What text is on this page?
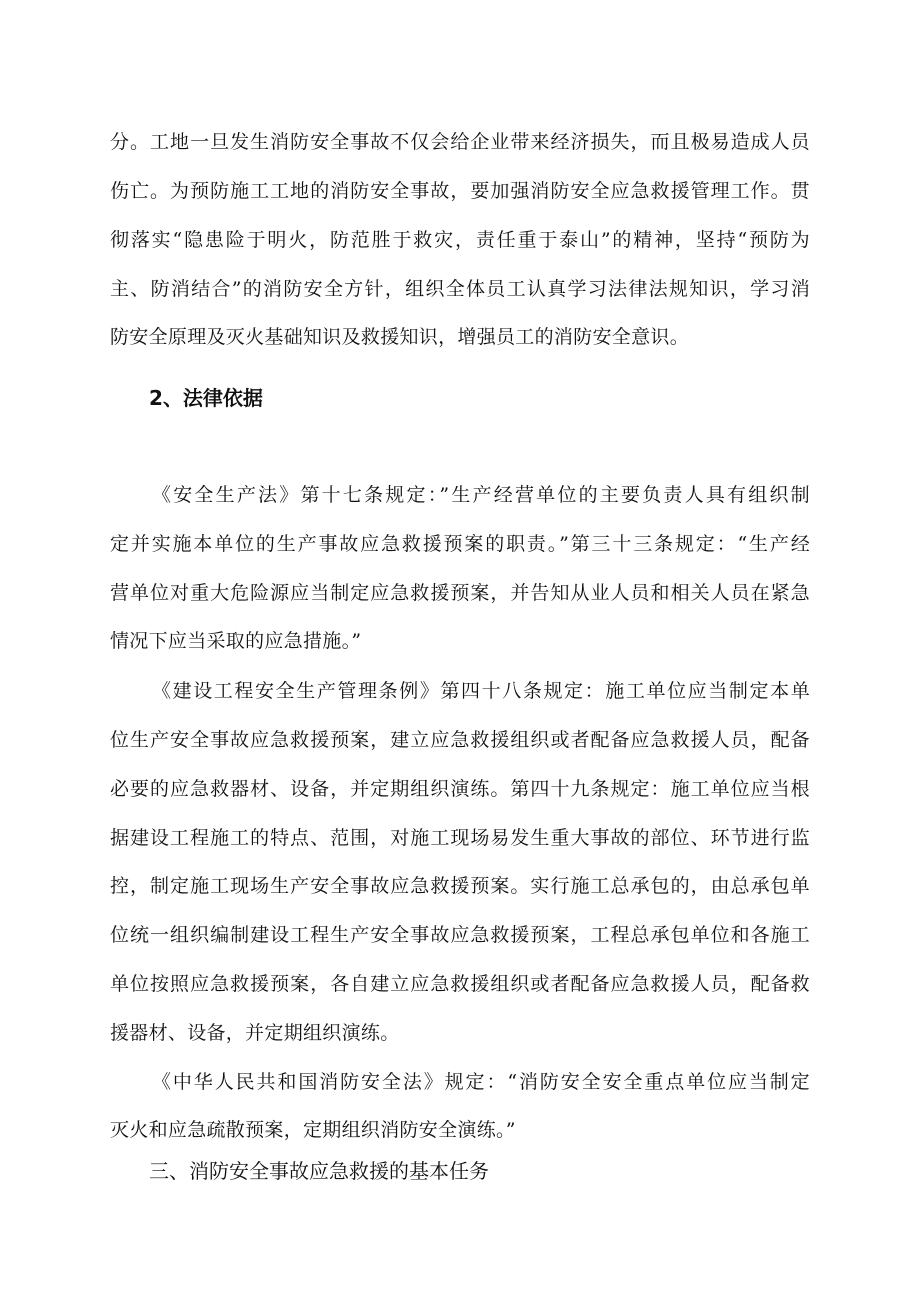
分。工地一旦发生消防安全事故不仅会给企业带来经济损失，而且极易造成人员
伤亡。为预防施工工地的消防安全事故，要加强消防安全应急救援管理工作。贯
彻落实“隐患险于明火，防范胜于救灾，责任重于泰山”的精神，坚持“预防为
主、防消结合”的消防安全方针，组织全体员工认真学习法律法规知识，学习消
防安全原理及灭火基础知识及救援知识，增强员工的消防安全意识。
2、法律依据
《安全生产法》第十七条规定：”生产经营单位的主要负责人具有组织制
定并实施本单位的生产事故应急救援预案的职责。”第三十三条规定：“生产经
营单位对重大危险源应当制定应急救援预案，并告知从业人员和相关人员在紧急
情况下应当采取的应急措施。”
《建设工程安全生产管理条例》第四十八条规定：施工单位应当制定本单
位生产安全事故应急救援预案，建立应急救援组织或者配备应急救援人员，配备
必要的应急救器材、设备，并定期组织演练。第四十九条规定：施工单位应当根
据建设工程施工的特点、范围，对施工现场易发生重大事故的部位、环节进行监
控，制定施工现场生产安全事故应急救援预案。实行施工总承包的，由总承包单
位统一组织编制建设工程生产安全事故应急救援预案，工程总承包单位和各施工
单位按照应急救援预案，各自建立应急救援组织或者配备应急救援人员，配备救
援器材、设备，并定期组织演练。
《中华人民共和国消防安全法》规定：“消防安全安全重点单位应当制定
灭火和应急疏散预案，定期组织消防安全演练。”
三、消防安全事故应急救援的基本任务
